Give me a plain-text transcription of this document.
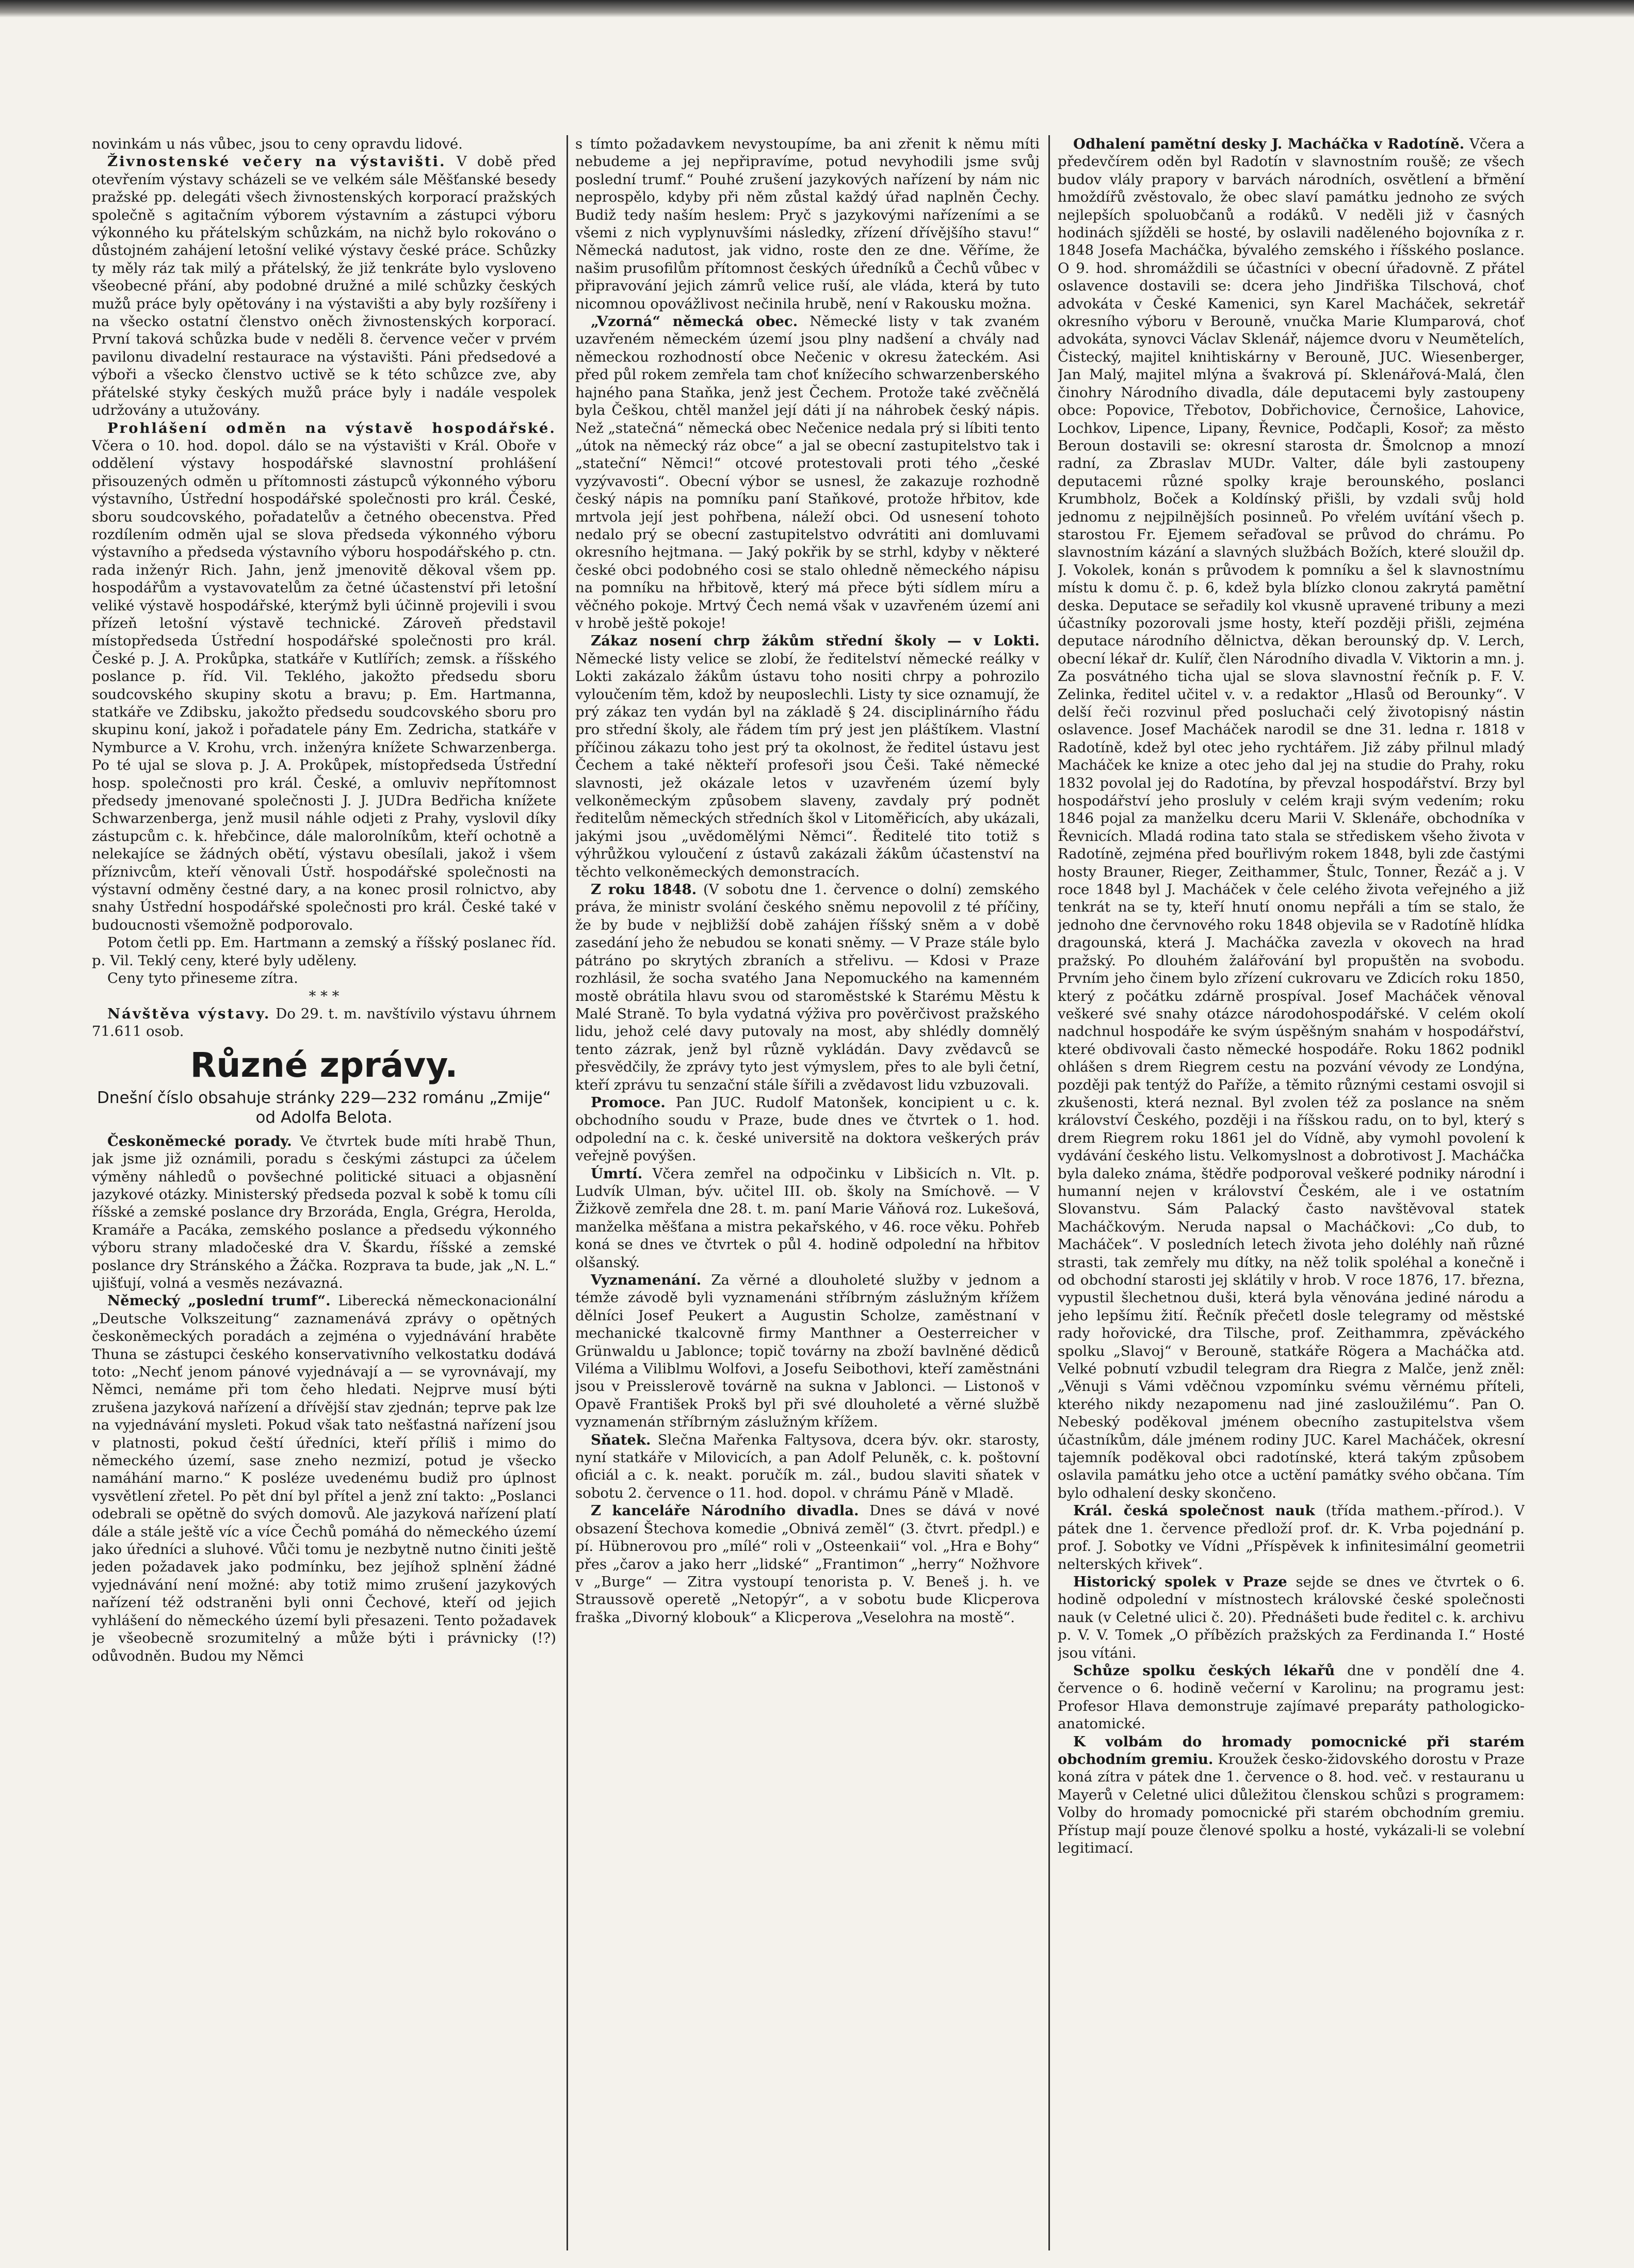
novinkám u nás vůbec, jsou to ceny opravdu lidové.

Živnostenské večery na výstavišti. V době před otevřením výstavy scházeli se ve velkém sále Měšťanské besedy pražské pp. delegáti všech živnostenských korporací pražských společně s agitačním výborem výstavním a zástupci výboru výkonného ku přátelským schůzkám, na nichž bylo rokováno o důstojném zahájení letošní veliké výstavy české práce. Schůzky ty měly ráz tak milý a přátelský, že již tenkráte bylo vysloveno všeobecné přání, aby podobné družné a milé schůzky českých mužů práce byly opětovány i na výstavišti a aby byly rozšířeny i na všecko ostatní členstvo oněch živnostenských korporací. První taková schůzka bude v neděli 8. července večer v prvém pavilonu divadelní restaurace na výstavišti. Páni předsedové a výboři a všecko členstvo uctivě se k této schůzce zve, aby přátelské styky českých mužů práce byly i nadále vespolek udržovány a utužovány.

Prohlášení odměn na výstavě hospodářské. Včera o 10. hod. dopol. dálo se na výstavišti v Král. Oboře v oddělení výstavy hospodářské slavnostní prohlášení přisouzených odměn u přítomnosti zástupců výkonného výboru výstavního, Ústřední hospodářské společnosti pro král. České, sboru soudcovského, pořadatelův a četného obecenstva. Před rozdílením odměn ujal se slova předseda výkonného výboru výstavního a předseda výstavního výboru hospodářského p. ctn. rada inženýr Rich. Jahn, jenž jmenovitě děkoval všem pp. hospodářům a vystavovatelům za četné účastenství při letošní veliké výstavě hospodářské, kterýmž byli účinně projevili i svou přízeň letošní výstavě technické. Zároveň představil místopředseda Ústřední hospodářské společnosti pro král. České p. J. A. Prokůpka, statkáře v Kutlířích; zemsk. a říšského poslance p. říd. Vil. Teklého, jakožto předsedu sboru soudcovského skupiny skotu a bravu; p. Em. Hartmanna, statkáře ve Zdibsku, jakožto předsedu soudcovského sboru pro skupinu koní, jakož i pořadatele pány Em. Zedricha, statkáře v Nymburce a V. Krohu, vrch. inženýra knížete Schwarzenberga. Po té ujal se slova p. J. A. Prokůpek, místopředseda Ústřední hosp. společnosti pro král. České, a omluviv nepřítomnost předsedy jmenované společnosti J. J. JUDra Bedřicha knížete Schwarzenberga, jenž musil náhle odjeti z Prahy, vyslovil díky zástupcům c. k. hřebčince, dále malorolníkům, kteří ochotně a nelekajíce se žádných obětí, výstavu obesílali, jakož i všem příznivcům, kteří věnovali Ústř. hospodářské společnosti na výstavní odměny čestné dary, a na konec prosil rolnictvo, aby snahy Ústřední hospodářské společnosti pro král. České také v budoucnosti všemožně podporovalo.

Potom četli pp. Em. Hartmann a zemský a říšský poslanec říd. p. Vil. Teklý ceny, které byly uděleny.

Ceny tyto přineseme zítra.

* * *

Návštěva výstavy. Do 29. t. m. navštívilo výstavu úhrnem 71.611 osob.

Různé zprávy.
Dnešní číslo obsahuje stránky 229—232 románu „Zmije“ od Adolfa Belota.

Českoněmecké porady. Ve čtvrtek bude míti hrabě Thun, jak jsme již oznámili, poradu s českými zástupci za účelem výměny náhledů o povšechné politické situaci a objasnění jazykové otázky. Ministerský předseda pozval k sobě k tomu cíli říšské a zemské poslance dry Brzoráda, Engla, Grégra, Herolda, Kramáře a Pacáka, zemského poslance a předsedu výkonného výboru strany mladočeské dra V. Škardu, říšské a zemské poslance dry Stránského a Žáčka. Rozprava ta bude, jak „N. L.“ ujišťují, volná a vesměs nezávazná.

Německý „poslední trumf“. Liberecká německonacionální „Deutsche Volkszeitung“ zaznamenává zprávy o opětných českoněmeckých poradách a zejména o vyjednávání hraběte Thuna se zástupci českého konservativního velkostatku dodává toto: „Nechť jenom pánové vyjednávají a — se vyrovnávají, my Němci, nemáme při tom čeho hledati. Nejprve musí býti zrušena jazyková nařízení a dřívější stav zjednán; teprve pak lze na vyjednávání mysleti. Pokud však tato nešťastná nařízení jsou v platnosti, pokud čeští úředníci, kteří příliš i mimo do německého území, sase zneho nezmizí, potud je všecko namáhání marno.“ K posléze uvedenému budiž pro úplnost vysvětlení zřetel. Po pět dní byl přítel a jenž zní takto: „Poslanci odebrali se opětně do svých domovů. Ale jazyková nařízení platí dále a stále ještě víc a více Čechů pomáhá do německého území jako úředníci a sluhové. Vůči tomu je nezbytně nutno činiti ještě jeden požadavek jako podmínku, bez jejíhož splnění žádné vyjednávání není možné: aby totiž mimo zrušení jazykových nařízení též odstraněni byli onni Čechové, kteří od jejich vyhlášení do německého území byli přesazeni. Tento požadavek je všeobecně srozumitelný a může býti i právnicky (!?) odůvodněn. Budou my Němci

s tímto požadavkem nevystoupíme, ba ani zřenit k němu míti nebudeme a jej nepřipravíme, potud nevyhodili jsme svůj poslední trumf.“ Pouhé zrušení jazykových nařízení by nám nic neprospělo, kdyby při něm zůstal každý úřad naplněn Čechy. Budiž tedy naším heslem: Pryč s jazykovými nařízeními a se všemi z nich vyplynuvšími následky, zřízení dřívějšího stavu!“ Německá nadutost, jak vidno, roste den ze dne. Věříme, že našim prusofilům přítomnost českých úředníků a Čechů vůbec v připravování jejich zámrů velice ruší, ale vláda, která by tuto nicomnou opovážlivost nečinila hrubě, není v Rakousku možna.

„Vzorná“ německá obec. Německé listy v tak zvaném uzavřeném německém území jsou plny nadšení a chvály nad německou rozhodností obce Nečenic v okresu žateckém. Asi před půl rokem zemřela tam choť knížecího schwarzenberského hajného pana Staňka, jenž jest Čechem. Protože také zvěčnělá byla Češkou, chtěl manžel její dáti jí na náhrobek český nápis. Než „statečná“ německá obec Nečenice nedala prý si líbiti tento „útok na německý ráz obce“ a jal se obecní zastupitelstvo tak i „stateční“ Němci!“ otcové protestovali proti tého „české vyzývavosti“. Obecní výbor se usnesl, že zakazuje rozhodně český nápis na pomníku paní Staňkové, protože hřbitov, kde mrtvola její jest pohřbena, náleží obci. Od usnesení tohoto nedalo prý se obecní zastupitelstvo odvrátiti ani domluvami okresního hejtmana. — Jaký pokřik by se strhl, kdyby v některé české obci podobného cosi se stalo ohledně německého nápisu na pomníku na hřbitově, který má přece býti sídlem míru a věčného pokoje. Mrtvý Čech nemá však v uzavřeném území ani v hrobě ještě pokoje!

Zákaz nosení chrp žákům střední školy — v Lokti. Německé listy velice se zlobí, že ředitelství německé reálky v Lokti zakázalo žákům ústavu toho nositi chrpy a pohrozilo vyloučením těm, kdož by neuposlechli. Listy ty sice oznamují, že prý zákaz ten vydán byl na základě § 24. disciplinárního řádu pro střední školy, ale řádem tím prý jest jen pláštíkem. Vlastní příčinou zákazu toho jest prý ta okolnost, že ředitel ústavu jest Čechem a také někteří profesoři jsou Češi. Také německé slavnosti, jež okázale letos v uzavřeném území byly velkoněmeckým způsobem slaveny, zavdaly prý podnět ředitelům německých středních škol v Litoměřicích, aby ukázali, jakými jsou „uvědomělými Němci“. Ředitelé tito totiž s výhrůžkou vyloučení z ústavů zakázali žákům účastenství na těchto velkoněmeckých demonstracích.

Z roku 1848. (V sobotu dne 1. července o dolní) zemského práva, že ministr svolání českého sněmu nepovolil z té příčiny, že by bude v nejbližší době zahájen říšský sněm a v době zasedání jeho že nebudou se konati sněmy. — V Praze stále bylo pátráno po skrytých zbraních a střelivu. — Kdosi v Praze rozhlásil, že socha svatého Jana Nepomuckého na kamenném mostě obrátila hlavu svou od staroměstské k Starému Městu k Malé Straně. To byla vydatná výživa pro pověrčivost pražského lidu, jehož celé davy putovaly na most, aby shlédly domnělý tento zázrak, jenž byl různě vykládán. Davy zvědavců se přesvědčily, že zprávy tyto jest výmyslem, přes to ale byli četní, kteří zprávu tu senzační stále šířili a zvědavost lidu vzbuzovali.

Promoce. Pan JUC. Rudolf Matonšek, koncipient u c. k. obchodního soudu v Praze, bude dnes ve čtvrtek o 1. hod. odpolední na c. k. české universitě na doktora veškerých práv veřejně povýšen.

Úmrtí. Včera zemřel na odpočinku v Libšicích n. Vlt. p. Ludvík Ulman, býv. učitel III. ob. školy na Smíchově. — V Žižkově zemřela dne 28. t. m. paní Marie Váňová roz. Lukešová, manželka měšťana a mistra pekařského, v 46. roce věku. Pohřeb koná se dnes ve čtvrtek o půl 4. hodině odpolední na hřbitov olšanský.

Vyznamenání. Za věrné a dlouholeté služby v jednom a témže závodě byli vyznamenáni stříbrným záslužným křížem dělníci Josef Peukert a Augustin Scholze, zaměstnaní v mechanické tkalcovně firmy Manthner a Oesterreicher v Grünwaldu u Jablonce; topič továrny na zboží bavlněné dědiců Viléma a Viliblmu Wolfovi, a Josefu Seibothovi, kteří zaměstnáni jsou v Preisslerově továrně na sukna v Jablonci. — Listonoš v Opavě František Prokš byl při své dlouholeté a věrné službě vyznamenán stříbrným záslužným křížem.

Sňatek. Slečna Mařenka Faltysova, dcera býv. okr. starosty, nyní statkáře v Milovicích, a pan Adolf Peluněk, c. k. poštovní oficiál a c. k. neakt. poručík m. zál., budou slaviti sňatek v sobotu 2. července o 11. hod. dopol. v chrámu Páně v Mladě.

Z kanceláře Národního divadla. Dnes se dává v nové obsazení Štechova komedie „Obnivá zeměl“ (3. čtvrt. předpl.) e pí. Hübnerovou pro „mílé“ roli v „Osteenkaii“ vol. „Hra e Bohy“ přes „čarov a jako herr „lidské“ „Frantimon“ „herry“ Nožhvore v „Burge“ — Zitra vystoupí tenorista p. V. Beneš j. h. ve Straussově operetě „Netopýr“, a v sobotu bude Klicperova fraška „Divorný klobouk“ a Klicperova „Veselohra na mostě“.

Odhalení pamětní desky J. Macháčka v Radotíně. Včera a předevčírem oděn byl Radotín v slavnostním roušě; ze všech budov vlály prapory v barvách národních, osvětlení a břmění hmoždířů zvěstovalo, že obec slaví památku jednoho ze svých nejlepších spoluobčanů a rodáků. V neděli již v časných hodinách sjížděli se hosté, by oslavili naděleného bojovníka z r. 1848 Josefa Macháčka, bývalého zemského i říšského poslance. O 9. hod. shromáždili se účastníci v obecní úřadovně. Z přátel oslavence dostavili se: dcera jeho Jindřiška Tilschová, choť advokáta v České Kamenici, syn Karel Macháček, sekretář okresního výboru v Berouně, vnučka Marie Klumparová, choť advokáta, synovci Václav Sklenář, nájemce dvoru v Neumětelích, Čistecký, majitel knihtiskárny v Berouně, JUC. Wiesenberger, Jan Malý, majitel mlýna a švakrová pí. Sklenářová-Malá, člen činohry Národního divadla, dále deputacemi byly zastoupeny obce: Popovice, Třebotov, Dobřichovice, Černošice, Lahovice, Lochkov, Lipence, Lipany, Řevnice, Podčapli, Kosoř; za město Beroun dostavili se: okresní starosta dr. Šmolcnop a mnozí radní, za Zbraslav MUDr. Valter, dále byli zastoupeny deputacemi různé spolky kraje berounského, poslanci Krumbholz, Boček a Koldínský přišli, by vzdali svůj hold jednomu z nejpilnějších posinneů. Po vřelém uvítání všech p. starostou Fr. Ejemem seřaďoval se průvod do chrámu. Po slavnostním kázání a slavných službách Božích, které sloužil dp. J. Vokolek, konán s průvodem k pomníku a šel k slavnostnímu místu k domu č. p. 6, kdež byla blízko clonou zakrytá pamětní deska. Deputace se seřadily kol vkusně upravené tribuny a mezi účastníky pozorovali jsme hosty, kteří později přišli, zejména deputace národního dělnictva, děkan berounský dp. V. Lerch, obecní lékař dr. Kulíř, člen Národního divadla V. Viktorin a mn. j. Za posvátného ticha ujal se slova slavnostní řečník p. F. V. Zelinka, ředitel učitel v. v. a redaktor „Hlasů od Berounky“. V delší řeči rozvinul před posluchači celý životopisný nástin oslavence. Josef Macháček narodil se dne 31. ledna r. 1818 v Radotíně, kdež byl otec jeho rychtářem. Již záby přilnul mladý Macháček ke knize a otec jeho dal jej na studie do Prahy, roku 1832 povolal jej do Radotína, by převzal hospodářství. Brzy byl hospodářství jeho prosluly v celém kraji svým vedením; roku 1846 pojal za manželku dceru Marii V. Sklenáře, obchodníka v Řevnicích. Mladá rodina tato stala se střediskem všeho života v Radotíně, zejména před bouřlivým rokem 1848, byli zde častými hosty Brauner, Rieger, Zeithammer, Štulc, Tonner, Řezáč a j. V roce 1848 byl J. Macháček v čele celého života veřejného a již tenkrát na se ty, kteří hnutí onomu nepřáli a tím se stalo, že jednoho dne červnového roku 1848 objevila se v Radotíně hlídka dragounská, která J. Macháčka zavezla v okovech na hrad pražský. Po dlouhém žalářování byl propuštěn na svobodu. Prvním jeho činem bylo zřízení cukrovaru ve Zdicích roku 1850, který z počátku zdárně prospíval. Josef Macháček věnoval veškeré své snahy otázce národohospodářské. V celém okolí nadchnul hospodáře ke svým úspěšným snahám v hospodářství, které obdivovali často německé hospodáře. Roku 1862 podnikl ohlášen s drem Riegrem cestu na pozvání vévody ze Londýna, později pak tentýž do Paříže, a těmito různými cestami osvojil si zkušenosti, která neznal. Byl zvolen též za poslance na sněm království Českého, později i na říšskou radu, on to byl, který s drem Riegrem roku 1861 jel do Vídně, aby vymohl povolení k vydávání českého listu. Velkomyslnost a dobrotivost J. Macháčka byla daleko známa, štědře podporoval veškeré podniky národní i humanní nejen v království Českém, ale i ve ostatním Slovanstvu. Sám Palacký často navštěvoval statek Macháčkovým. Neruda napsal o Macháčkovi: „Co dub, to Macháček“. V posledních letech života jeho doléhly naň různé strasti, tak zemřely mu dítky, na něž tolik spoléhal a konečně i od obchodní starosti jej sklátily v hrob. V roce 1876, 17. března, vypustil šlechetnou duši, která byla věnována jediné národu a jeho lepšímu žití. Řečník přečetl dosle telegramy od městské rady hořovické, dra Tilsche, prof. Zeithammra, zpěváckého spolku „Slavoj“ v Berouně, statkáře Rögera a Macháčka atd. Velké pobnutí vzbudil telegram dra Riegra z Malče, jenž zněl: „Věnuji s Vámi vděčnou vzpomínku svému věrnému příteli, kterého nikdy nezapomenu nad jiné zasloužilému“. Pan O. Nebeský poděkoval jménem obecního zastupitelstva všem účastníkům, dále jménem rodiny JUC. Karel Macháček, okresní tajemník poděkoval obci radotínské, která takým způsobem oslavila památku jeho otce a uctění památky svého občana. Tím bylo odhalení desky skončeno.

Král. česká společnost nauk (třída mathem.-přírod.). V pátek dne 1. července předloží prof. dr. K. Vrba pojednání p. prof. J. Sobotky ve Vídni „Příspěvek k infinitesimální geometrii nelterských křivek“.

Historický spolek v Praze sejde se dnes ve čtvrtek o 6. hodině odpolední v místnostech královské české společnosti nauk (v Celetné ulici č. 20). Přednášeti bude ředitel c. k. archivu p. V. V. Tomek „O příbězích pražských za Ferdinanda I.“ Hosté jsou vítáni.

Schůze spolku českých lékařů dne v pondělí dne 4. července o 6. hodině večerní v Karolinu; na programu jest: Profesor Hlava demonstruje zajímavé preparáty pathologicko-anatomické.

K volbám do hromady pomocnické při starém obchodním gremiu. Kroužek česko-židovského dorostu v Praze koná zítra v pátek dne 1. července o 8. hod. več. v restauranu u Mayerů v Celetné ulici důležitou členskou schůzi s programem: Volby do hromady pomocnické při starém obchodním gremiu. Přístup mají pouze členové spolku a hosté, vykázali-li se volební legitimací.
